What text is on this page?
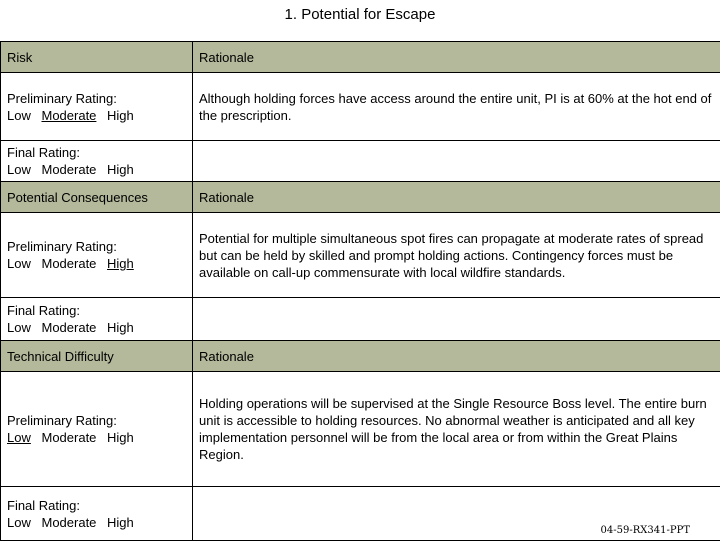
1. Potential for Escape
Risk	Rationale

Preliminary Rating:
Low Moderate High	Although holding forces have access around the entire unit, PI is at 60% at the hot end of the prescription.

Final Rating:
Low Moderate High	

Potential Consequences	Rationale

Preliminary Rating:
Low Moderate High	Potential for multiple simultaneous spot fires can propagate at moderate rates of spread but can be held by skilled and prompt holding actions. Contingency forces must be available on call-up commensurate with local wildfire standards.

Final Rating:
Low Moderate High	

Technical Difficulty	Rationale

Preliminary Rating:
Low Moderate High	Holding operations will be supervised at the Single Resource Boss level. The entire burn unit is accessible to holding resources. No abnormal weather is anticipated and all key implementation personnel will be from the local area or from within the Great Plains Region.

Final Rating:
Low Moderate High	

04-59-RX341-PPT
